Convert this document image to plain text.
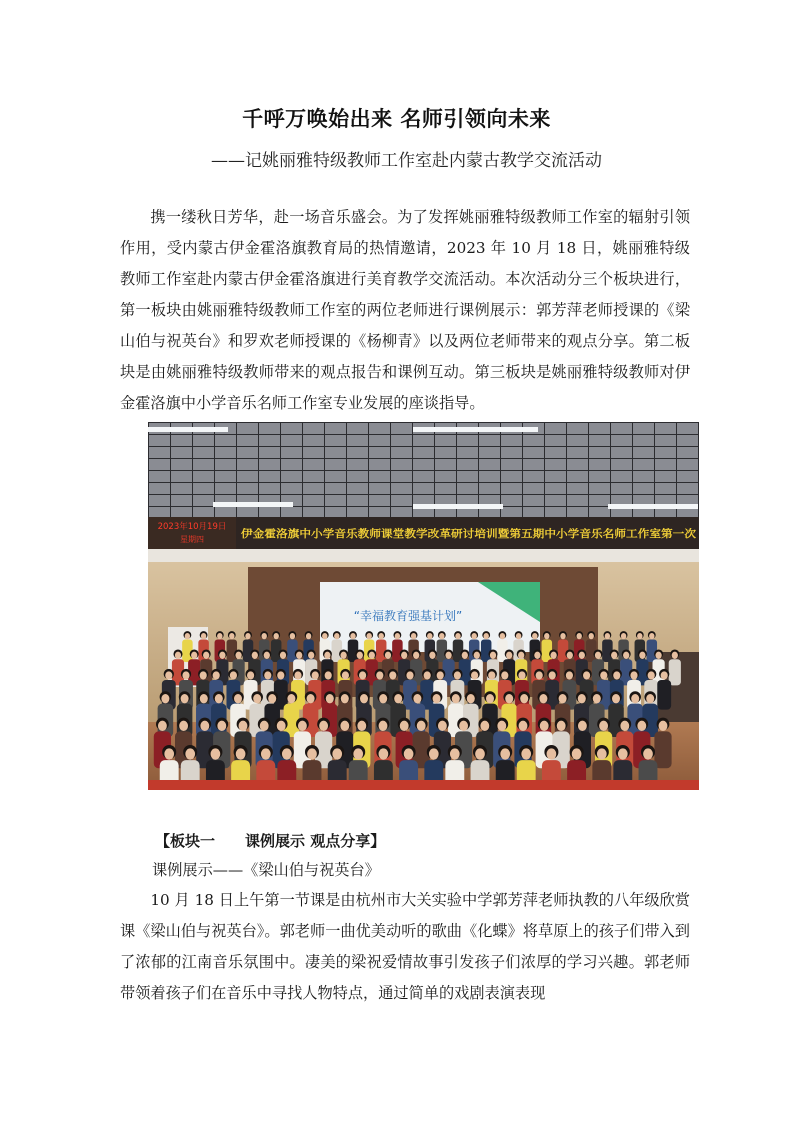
千呼万唤始出来 名师引领向未来
——记姚丽雅特级教师工作室赴内蒙古教学交流活动

携一缕秋日芳华，赴一场音乐盛会。为了发挥姚丽雅特级教师工作室的辐射引领作用，受内蒙古伊金霍洛旗教育局的热情邀请，2023 年 10 月 18 日，姚丽雅特级教师工作室赴内蒙古伊金霍洛旗进行美育教学交流活动。本次活动分三个板块进行，第一板块由姚丽雅特级教师工作室的两位老师进行课例展示：郭芳萍老师授课的《梁山伯与祝英台》和罗欢老师授课的《杨柳青》以及两位老师带来的观点分享。第二板块是由姚丽雅特级教师带来的观点报告和课例互动。第三板块是姚丽雅特级教师对伊金霍洛旗中小学音乐名师工作室专业发展的座谈指导。

2023年10月19日
星期四	伊金霍洛旗中小学音乐教师课堂教学改革研讨培训暨第五期中小学音乐名师工作室第一次
“幸福教育强基计划”
【板块一　　课例展示 观点分享】
课例展示——《梁山伯与祝英台》

10 月 18 日上午第一节课是由杭州市大关实验中学郭芳萍老师执教的八年级欣赏课《梁山伯与祝英台》。郭老师一曲优美动听的歌曲《化蝶》将草原上的孩子们带入到了浓郁的江南音乐氛围中。凄美的梁祝爱情故事引发孩子们浓厚的学习兴趣。郭老师带领着孩子们在音乐中寻找人物特点，通过简单的戏剧表演表现
